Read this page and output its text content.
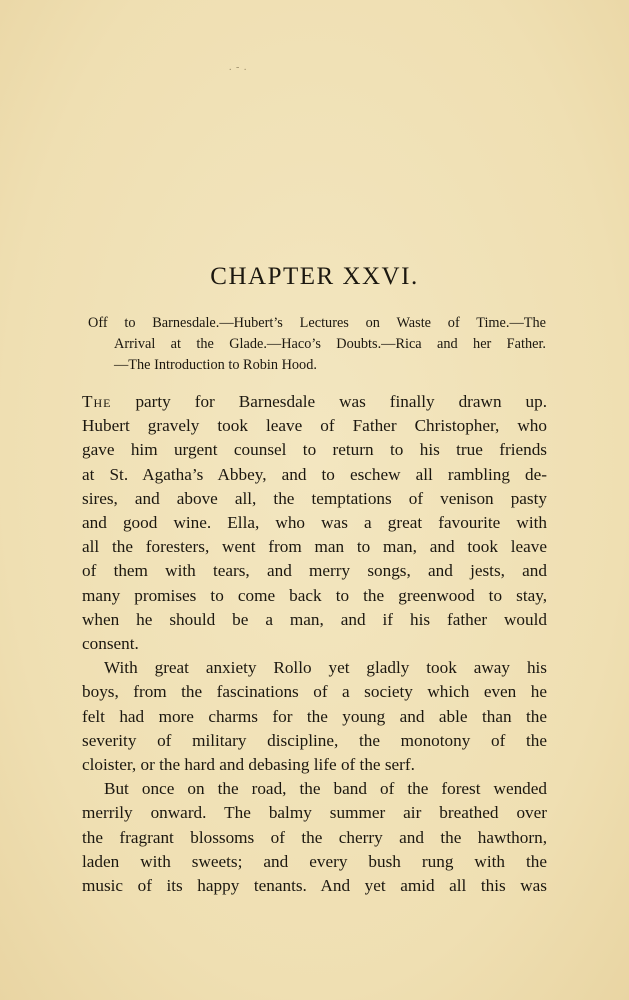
. - .
CHAPTER XXVI.
Off to Barnesdale.—Hubert’s Lectures on Waste of Time.—The
Arrival at the Glade.—Haco’s Doubts.—Rica and her Father.
—The Introduction to Robin Hood.
The party for Barnesdale was finally drawn up.
Hubert gravely took leave of Father Christopher, who
gave him urgent counsel to return to his true friends
at St. Agatha’s Abbey, and to eschew all rambling de-
sires, and above all, the temptations of venison pasty
and good wine. Ella, who was a great favourite with
all the foresters, went from man to man, and took leave
of them with tears, and merry songs, and jests, and
many promises to come back to the greenwood to stay,
when he should be a man, and if his father would
consent.
With great anxiety Rollo yet gladly took away his
boys, from the fascinations of a society which even he
felt had more charms for the young and able than the
severity of military discipline, the monotony of the
cloister, or the hard and debasing life of the serf.
But once on the road, the band of the forest wended
merrily onward. The balmy summer air breathed over
the fragrant blossoms of the cherry and the hawthorn,
laden with sweets; and every bush rung with the
music of its happy tenants. And yet amid all this was
